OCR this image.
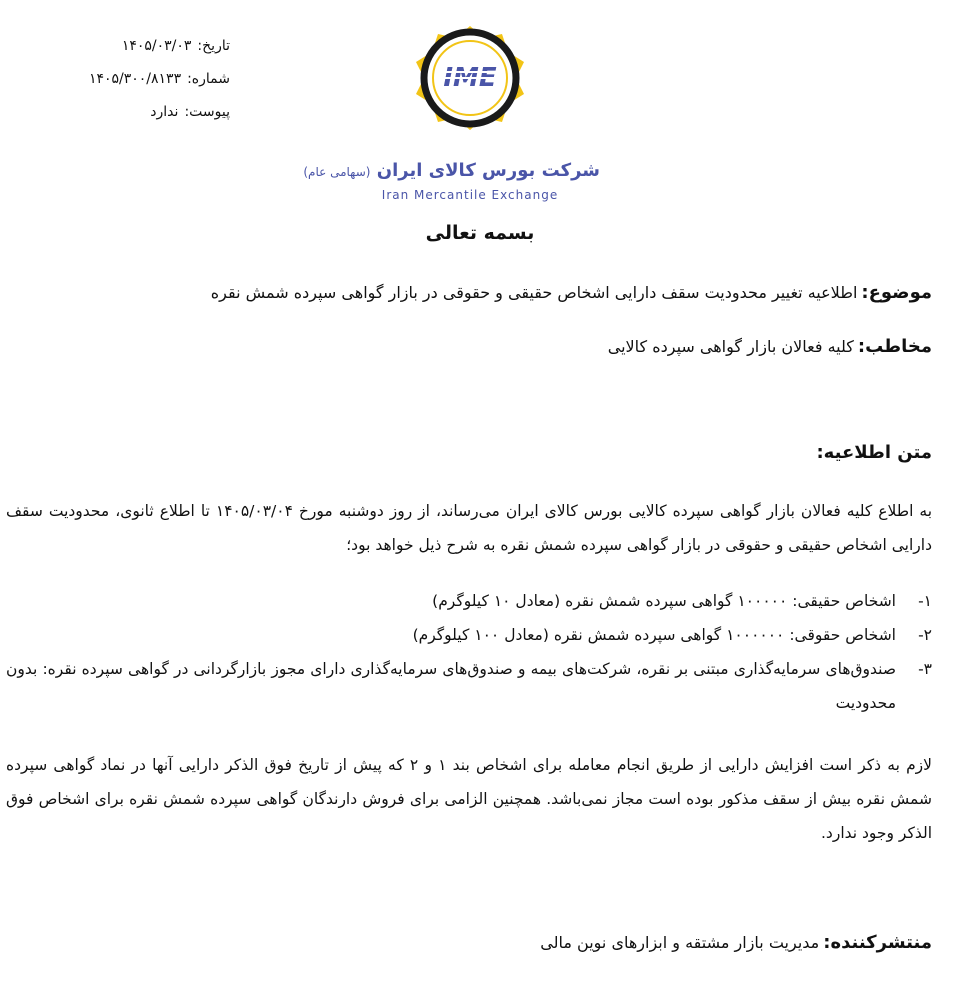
تاریخ:۱۴۰۵/۰۳/۰۳
شماره:۱۴۰۵/۳۰۰/۸۱۳۳
پیوست:ندارد
IME
شرکت بورس کالای ایران (سهامی عام)
Iran Mercantile Exchange
بسمه تعالی
موضوع:اطلاعیه تغییر محدودیت سقف دارایی اشخاص حقیقی و حقوقی در بازار گواهی سپرده شمش نقره
مخاطب:کلیه فعالان بازار گواهی سپرده کالایی
متن اطلاعیه:
به اطلاع کلیه فعالان بازار گواهی سپرده کالایی بورس کالای ایران می‌رساند، از روز دوشنبه مورخ ۱۴۰۵/۰۳/۰۴ تا اطلاع ثانوی، محدودیت سقف دارایی اشخاص حقیقی و حقوقی در بازار گواهی سپرده شمش نقره به شرح ذیل خواهد بود؛
۱-
اشخاص حقیقی: ۱۰۰۰۰۰ گواهی سپرده شمش نقره (معادل ۱۰ کیلوگرم)
۲-
اشخاص حقوقی: ۱۰۰۰۰۰۰ گواهی سپرده شمش نقره (معادل ۱۰۰ کیلوگرم)
۳-
صندوق‌های سرمایه‌گذاری مبتنی بر نقره، شرکت‌های بیمه و صندوق‌های سرمایه‌گذاری دارای مجوز بازارگردانی در گواهی سپرده نقره: بدون محدودیت
لازم به ذکر است افزایش دارایی از طریق انجام معامله برای اشخاص بند ۱ و ۲ که پیش از تاریخ فوق الذکر دارایی آنها در نماد گواهی سپرده شمش نقره بیش از سقف مذکور بوده است مجاز نمی‌باشد. همچنین الزامی برای فروش دارندگان گواهی سپرده شمش نقره برای اشخاص فوق الذکر وجود ندارد.
منتشرکننده:مدیریت بازار مشتقه و ابزارهای نوین مالی
